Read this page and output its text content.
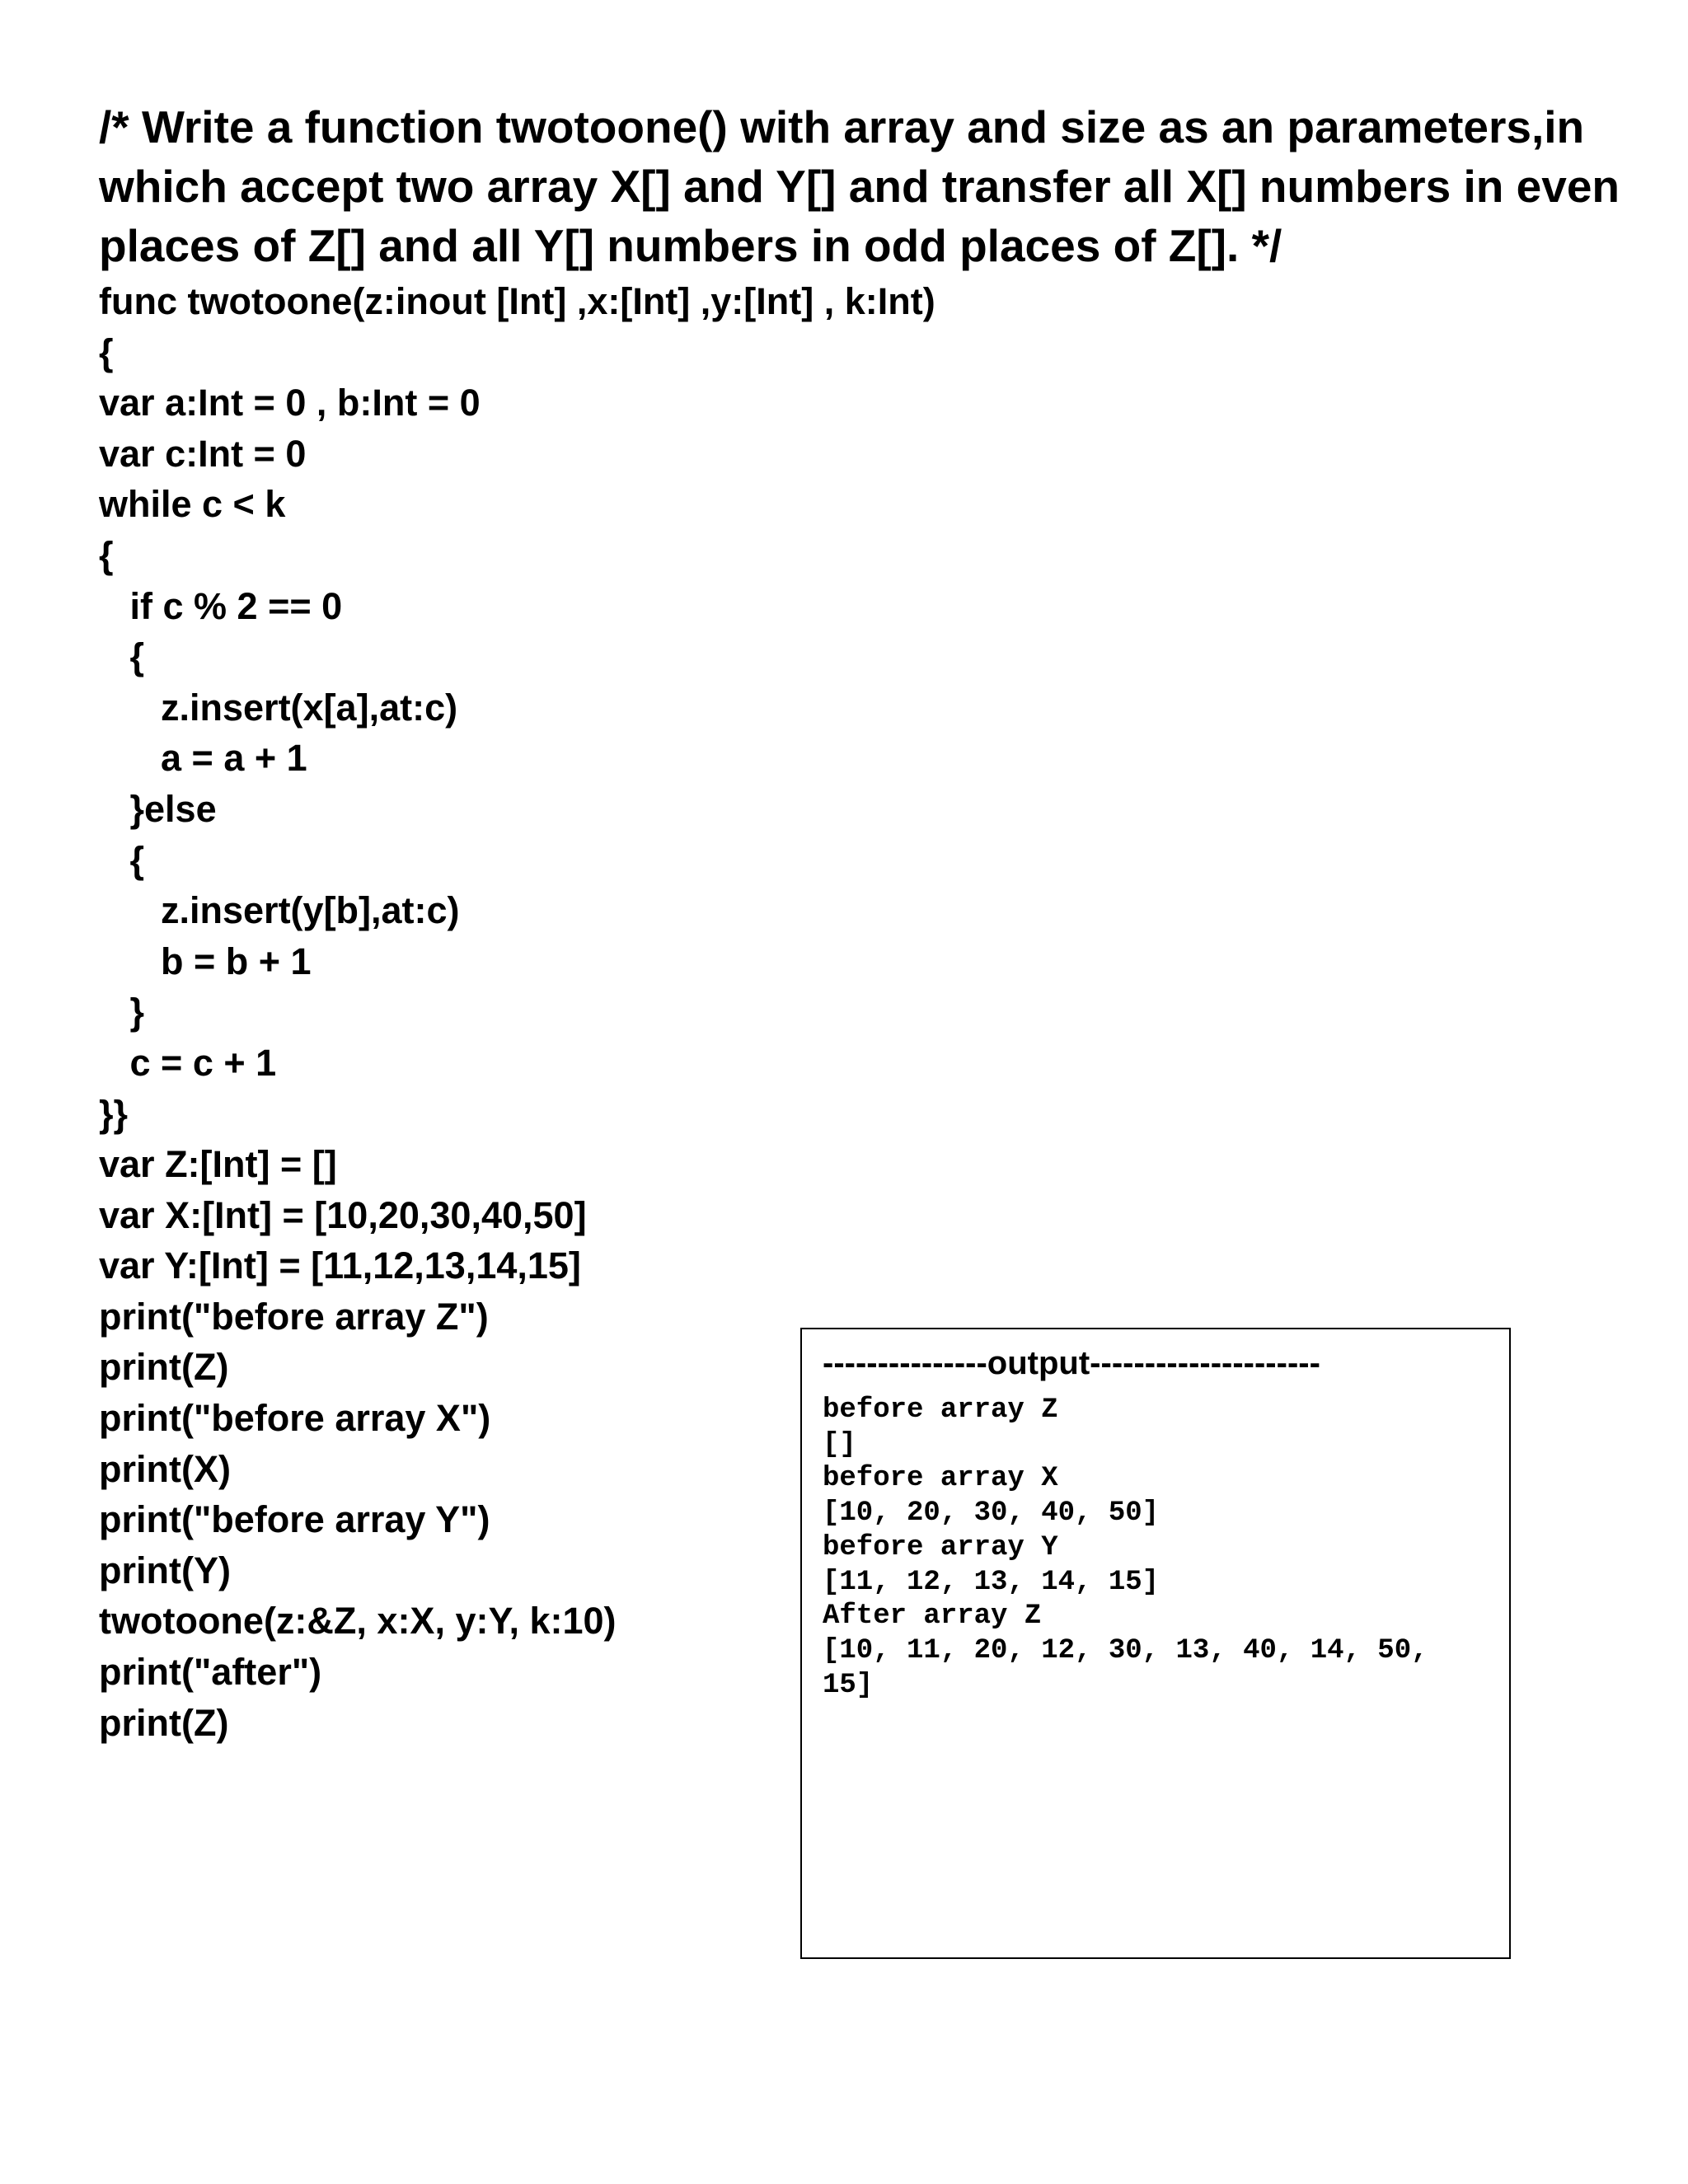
/* Write a function twotoone() with array and size as an parameters,in
which accept two array X[] and Y[] and transfer all X[] numbers in even
places of Z[] and all Y[] numbers in odd places of Z[]. */
func twotoone(z:inout [Int] ,x:[Int] ,y:[Int] , k:Int)
{
var a:Int = 0 , b:Int = 0
var c:Int = 0
while c < k
{
if c % 2 == 0
{
z.insert(x[a],at:c)
a = a + 1
}else
{
z.insert(y[b],at:c)
b = b + 1
}
c = c + 1
}}
var Z:[Int] = []
var X:[Int] = [10,20,30,40,50]
var Y:[Int] = [11,12,13,14,15]
print("before array Z")
print(Z)
print("before array X")
print(X)
print("before array Y")
print(Y)
twotoone(z:&Z, x:X, y:Y, k:10)
print("after")
print(Z)
---------------output---------------------
before array Z
[]
before array X
[10, 20, 30, 40, 50]
before array Y
[11, 12, 13, 14, 15]
After array Z
[10, 11, 20, 12, 30, 13, 40, 14, 50,
15]
